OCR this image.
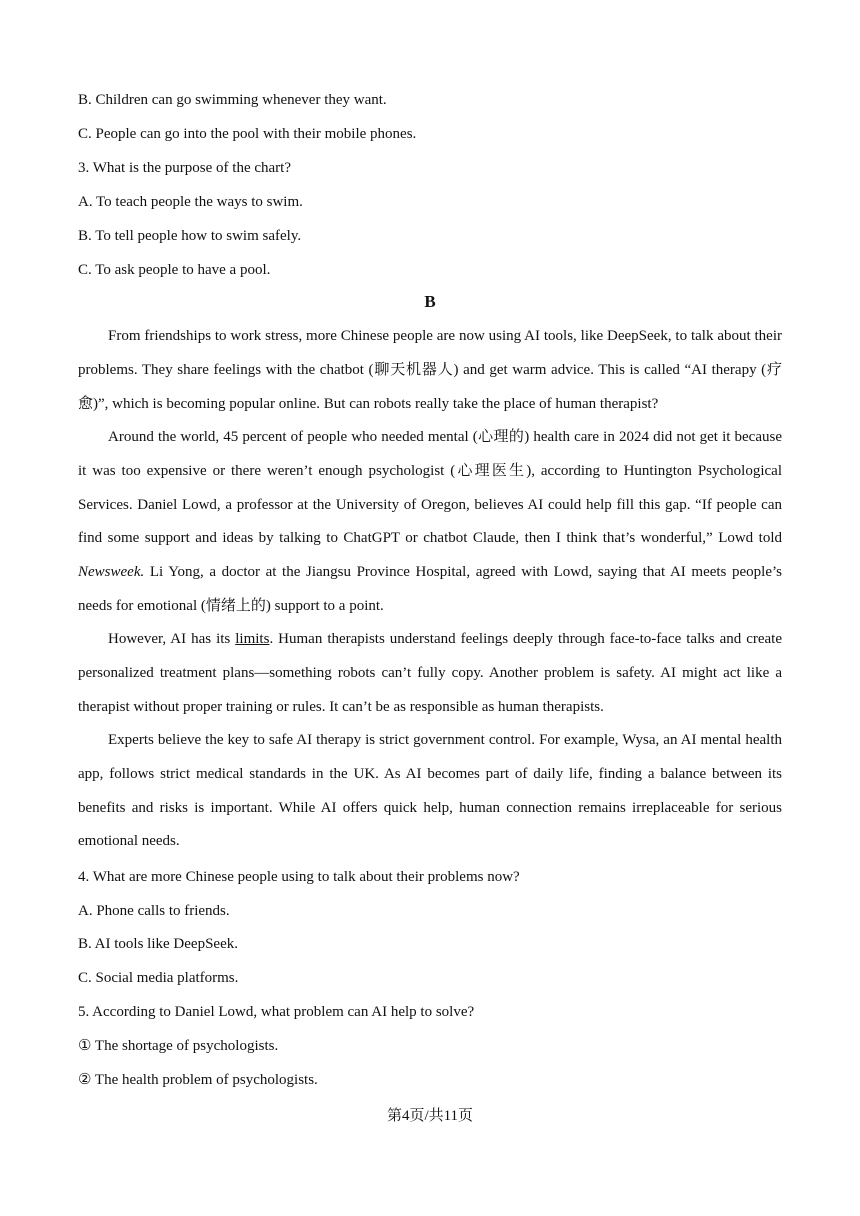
B. Children can go swimming whenever they want.
C. People can go into the pool with their mobile phones.
3. What is the purpose of the chart?
A. To teach people the ways to swim.
B. To tell people how to swim safely.
C. To ask people to have a pool.
B

From friendships to work stress, more Chinese people are now using AI tools, like DeepSeek, to talk about their problems. They share feelings with the chatbot (聊天机器人) and get warm advice. This is called “AI therapy (疗愈)”, which is becoming popular online. But can robots really take the place of human therapist?

Around the world, 45 percent of people who needed mental (心理的) health care in 2024 did not get it because it was too expensive or there weren’t enough psychologist (心理医生), according to Huntington Psychological Services. Daniel Lowd, a professor at the University of Oregon, believes AI could help fill this gap. “If people can find some support and ideas by talking to ChatGPT or chatbot Claude, then I think that’s wonderful,” Lowd told Newsweek. Li Yong, a doctor at the Jiangsu Province Hospital, agreed with Lowd, saying that AI meets people’s needs for emotional (情绪上的) support to a point.

However, AI has its limits. Human therapists understand feelings deeply through face-to-face talks and create personalized treatment plans—something robots can’t fully copy. Another problem is safety. AI might act like a therapist without proper training or rules. It can’t be as responsible as human therapists.

Experts believe the key to safe AI therapy is strict government control. For example, Wysa, an AI mental health app, follows strict medical standards in the UK. As AI becomes part of daily life, finding a balance between its benefits and risks is important. While AI offers quick help, human connection remains irreplaceable for serious emotional needs.

4. What are more Chinese people using to talk about their problems now?
A. Phone calls to friends.
B. AI tools like DeepSeek.
C. Social media platforms.
5. According to Daniel Lowd, what problem can AI help to solve?
① The shortage of psychologists.
② The health problem of psychologists.
第4页/共11页
